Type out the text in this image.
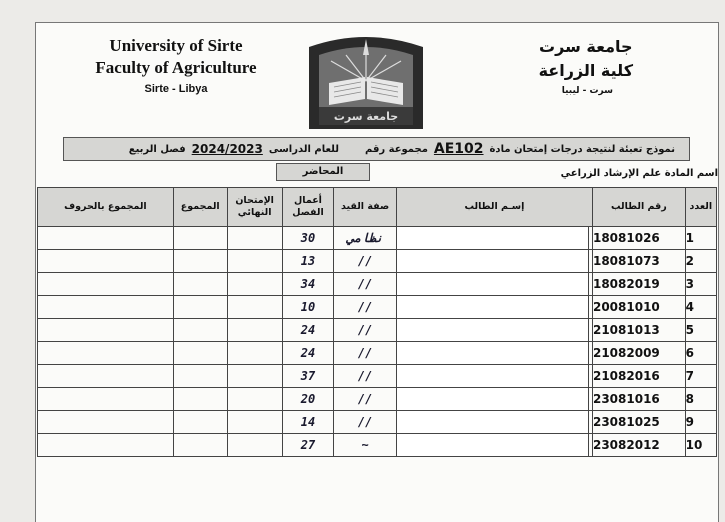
University of Sirte
Faculty of Agriculture
Sirte - Libya
جامعة سرت
جامعة سرت
كلية الزراعة
سرت - ليبيا
نموذج تعبئة لنتيجة درجات إمتحان مادة
AE102
مجموعة رقم
للعام الدراسى
2024/2023
فصل الربيع
المحاضر	اسم المادة علم الإرشاد الزراعي
المجموع بالحروف	المجموع	الإمتحان النهائي	أعمال الفصل	صفة القيد	إسـم الطالب		رقم الطالب	العدد
			30	نظامي			18081026	1
			13	//			18081073	2
			34	//			18082019	3
			10	//			20081010	4
			24	//			21081013	5
			24	//			21082009	6
			37	//			21082016	7
			20	//			23081016	8
			14	//			23081025	9
			27	~			23082012	10
